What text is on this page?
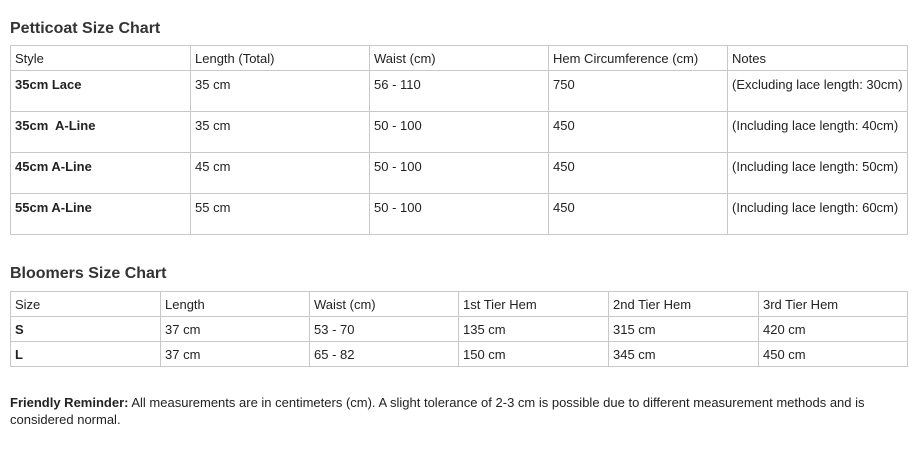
Petticoat Size Chart
Style	Length (Total)	Waist (cm)	Hem Circumference (cm)	Notes
35cm Lace	35 cm	56 - 110	750	(Excluding lace length: 30cm)
35cm  A-Line	35 cm	50 - 100	450	(Including lace length: 40cm)
45cm A-Line	45 cm	50 - 100	450	(Including lace length: 50cm)
55cm A-Line	55 cm	50 - 100	450	(Including lace length: 60cm)
Bloomers Size Chart
Size	Length	Waist (cm)	1st Tier Hem	2nd Tier Hem	3rd Tier Hem
S	37 cm	53 - 70	135 cm	315 cm	420 cm
L	37 cm	65 - 82	150 cm	345 cm	450 cm
Friendly Reminder: All measurements are in centimeters (cm). A slight tolerance of 2-3 cm is possible due to different measurement methods and is considered normal.
